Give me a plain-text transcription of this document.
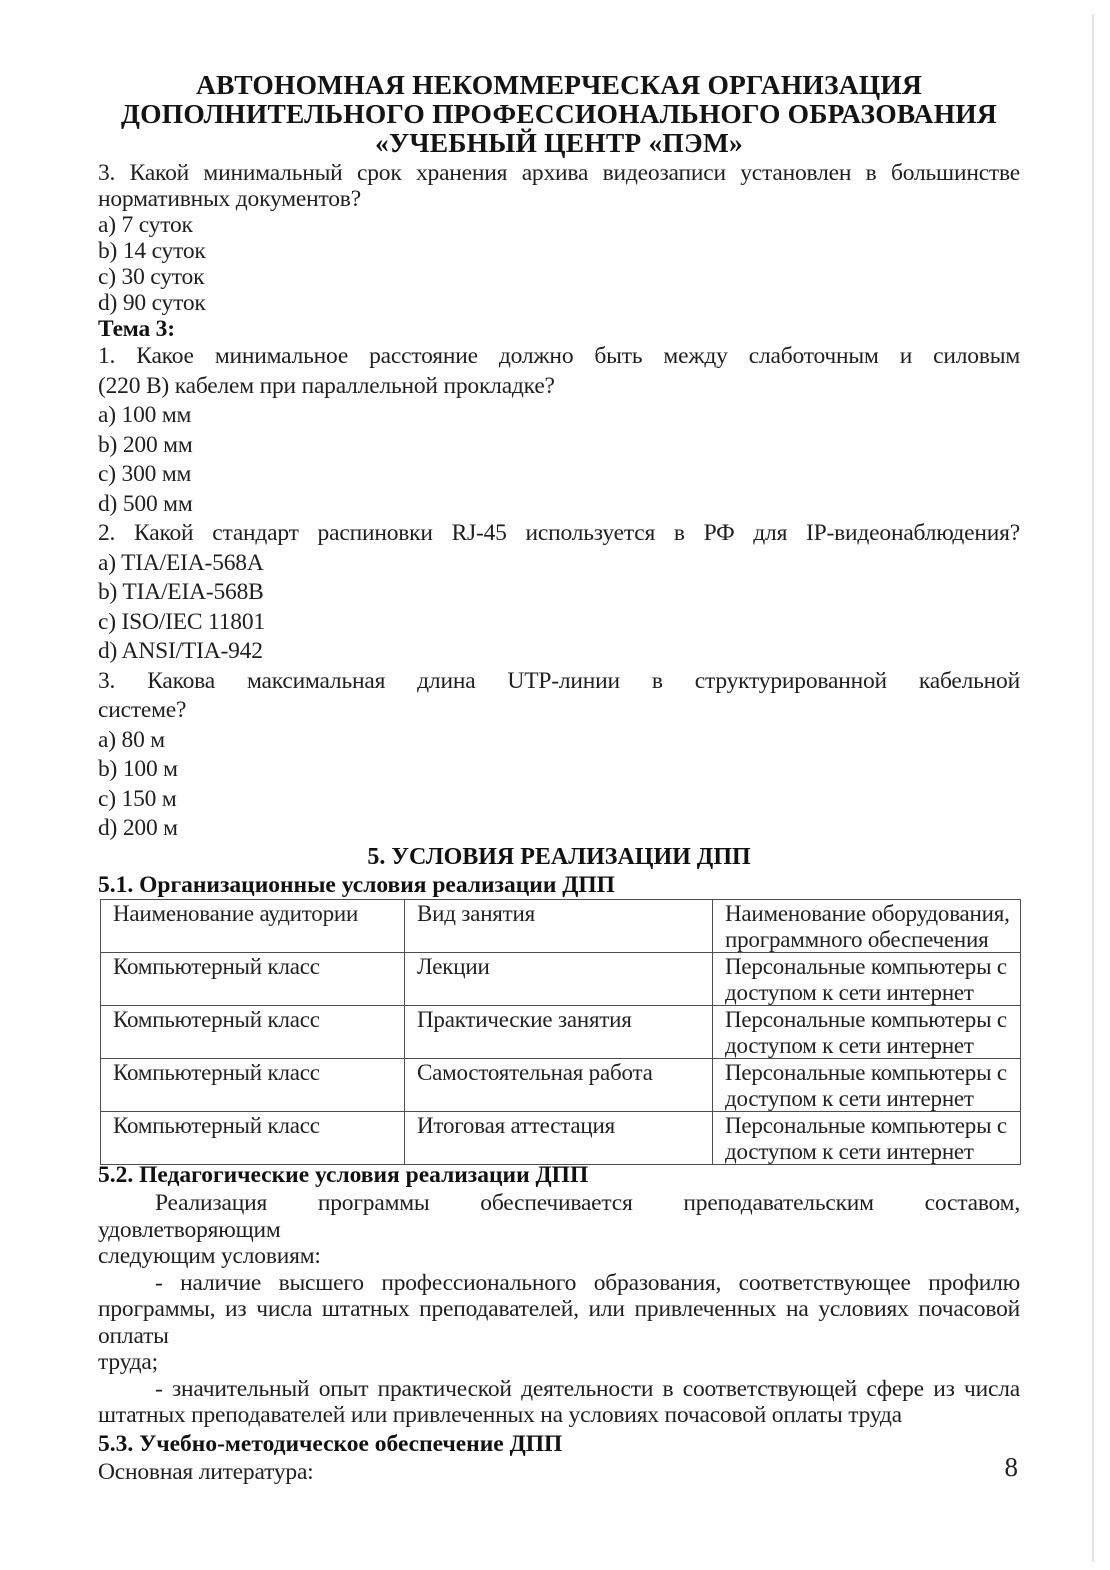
АВТОНОМНАЯ НЕКОММЕРЧЕСКАЯ ОРГАНИЗАЦИЯ
ДОПОЛНИТЕЛЬНОГО ПРОФЕССИОНАЛЬНОГО ОБРАЗОВАНИЯ
«УЧЕБНЫЙ ЦЕНТР «ПЭМ»
3. Какой минимальный срок хранения архива видеозаписи установлен в большинстве
нормативных документов?
a) 7 суток
b) 14 суток
c) 30 суток
d) 90 суток
Тема 3:
1. Какое минимальное расстояние должно быть между слаботочным и силовым
(220 В) кабелем при параллельной прокладке?
a) 100 мм
b) 200 мм
c) 300 мм
d) 500 мм
2. Какой стандарт распиновки RJ-45 используется в РФ для IP-видеонаблюдения?
a) TIA/EIA-568A
b) TIA/EIA-568B
c) ISO/IEC 11801
d) ANSI/TIA-942
3. Какова максимальная длина UTP-линии в структурированной кабельной
системе?
a) 80 м
b) 100 м
c) 150 м
d) 200 м
5. УСЛОВИЯ РЕАЛИЗАЦИИ ДПП
5.1. Организационные условия реализации ДПП
Наименование аудитории	Вид занятия	Наименование оборудования, программного обеспечения
Компьютерный класс	Лекции	Персональные компьютеры с доступом к сети интернет
Компьютерный класс	Практические занятия	Персональные компьютеры с доступом к сети интернет
Компьютерный класс	Самостоятельная работа	Персональные компьютеры с доступом к сети интернет
Компьютерный класс	Итоговая аттестация	Персональные компьютеры с доступом к сети интернет
5.2. Педагогические условия реализации ДПП
Реализация программы обеспечивается преподавательским составом, удовлетворяющим
следующим условиям:
- наличие высшего профессионального образования, соответствующее профилю
программы, из числа штатных преподавателей, или привлеченных на условиях почасовой оплаты
труда;
- значительный опыт практической деятельности в соответствующей сфере из числа
штатных преподавателей или привлеченных на условиях почасовой оплаты труда
5.3. Учебно-методическое обеспечение ДПП
Основная литература:	8
